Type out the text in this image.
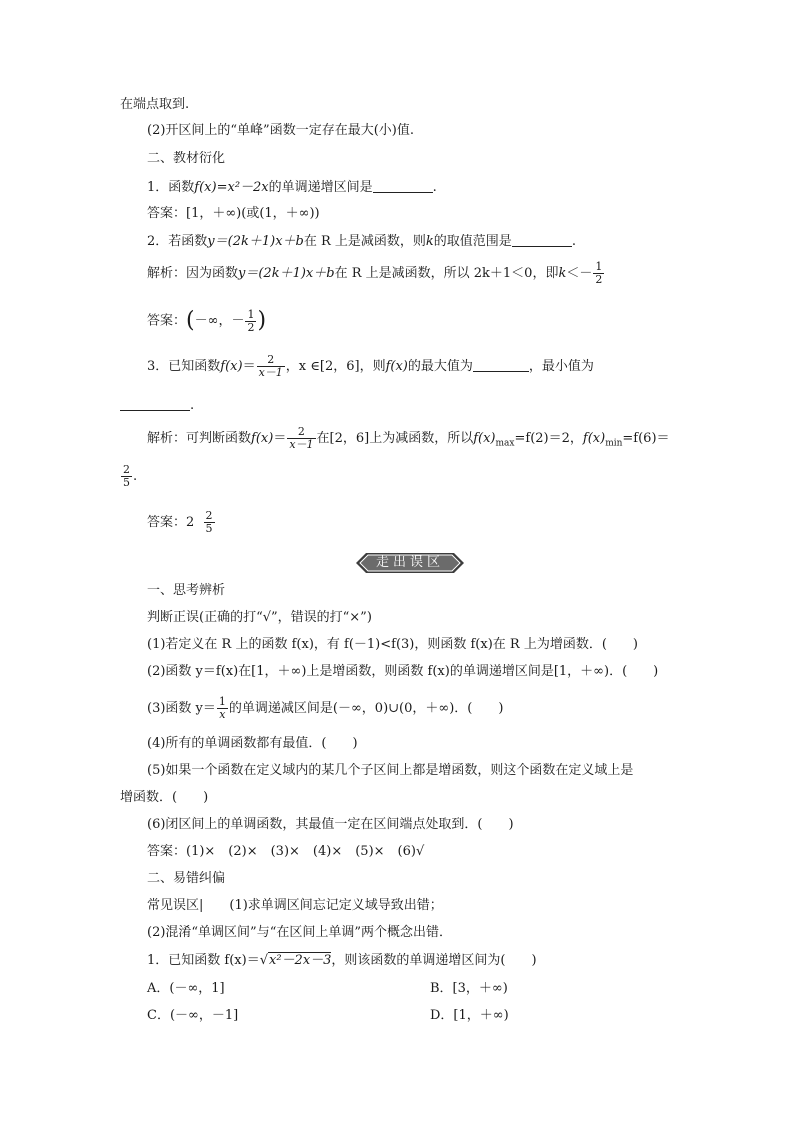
在端点取到.
(2)开区间上的“单峰”函数一定存在最大(小)值.
二、教材衍化
1．函数f(x)=x²－2x的单调递增区间是	.
答案：[1，＋∞)(或(1，＋∞))
2．若函数y＝(2k＋1)x＋b在 R 上是减函数，则k的取值范围是	.
解析：因为函数y＝(2k＋1)x＋b在 R 上是减函数，所以 2k＋1＜0，即$k<- \frac{1}{2}$
答案：(－∞，－ $\frac{1}{2}$ )
3．已知函数$f(x)= \frac{2}{x-1}$ ，x ∈[2，6]，则f(x)的最大值为	，最小值为
.
解析：可判断函数$f(x)= \frac{2}{x-1}$ 在[2，6]上为减函数，所以$f(x)_{max}=f(2)=2$，$f(x)_{min}=f(6)=$
$\frac{2}{5}$ .
答案：$2 \frac{2}{5}$
走出误区
一、思考辨析
判断正误(正确的打“√”，错误的打“×”)
(1)若定义在 R 上的函数 f(x)，有 f(－1)<f(3)，则函数 f(x)在 R 上为增函数．(　　)
(2)函数 y＝f(x)在[1，＋∞)上是增函数，则函数 f(x)的单调递增区间是[1，＋∞)．(　　)
(3)函数 $y= \frac{1}{x}$ 的单调递减区间是(－∞，0)∪(0，＋∞)．(　　)
(4)所有的单调函数都有最值．(　　)
(5)如果一个函数在定义域内的某几个子区间上都是增函数，则这个函数在定义域上是
增函数．(　　)
(6)闭区间上的单调函数，其最值一定在区间端点处取到．(　　)
答案：(1)×　(2)×　(3)×　(4)×　(5)×　(6)√
二、易错纠偏
常见误区|　　(1)求单调区间忘记定义域导致出错；
(2)混淆“单调区间”与“在区间上单调”两个概念出错．
1．已知函数 f(x)＝√x²－2x－3，则该函数的单调递增区间为(　　)
A．(－∞，1]	B．[3，＋∞)
C．(－∞，－1]	D．[1，＋∞)
